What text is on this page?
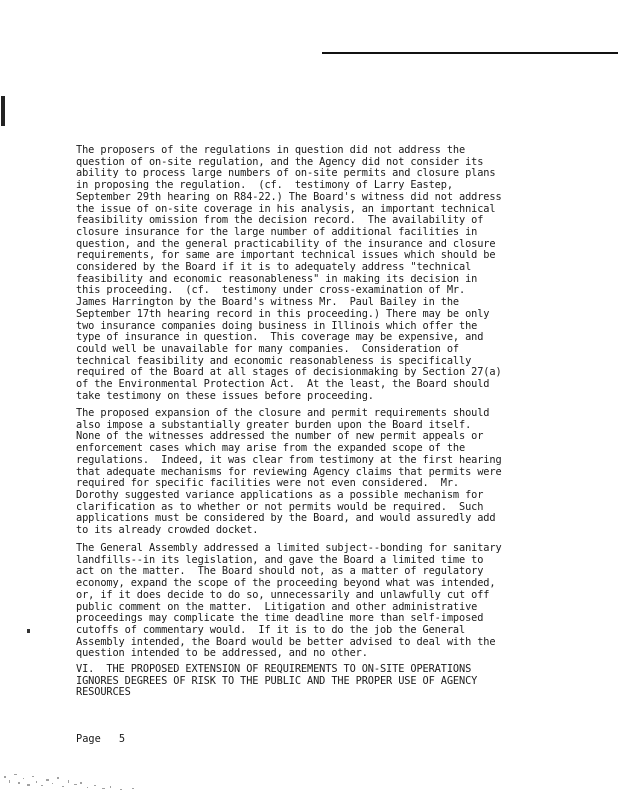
The proposers of the regulations in question did not address the
question of on-site regulation, and the Agency did not consider its
ability to process large numbers of on-site permits and closure plans
in proposing the regulation.  (cf.  testimony of Larry Eastep,
September 29th hearing on R84-22.) The Board's witness did not address
the issue of on-site coverage in his analysis, an important technical
feasibility omission from the decision record.  The availability of
closure insurance for the large number of additional facilities in
question, and the general practicability of the insurance and closure
requirements, for same are important technical issues which should be
considered by the Board if it is to adequately address "technical
feasibility and economic reasonableness" in making its decision in
this proceeding.  (cf.  testimony under cross-examination of Mr.
James Harrington by the Board's witness Mr.  Paul Bailey in the
September 17th hearing record in this proceeding.) There may be only
two insurance companies doing business in Illinois which offer the
type of insurance in question.  This coverage may be expensive, and
could well be unavailable for many companies.  Consideration of
technical feasibility and economic reasonableness is specifically
required of the Board at all stages of decisionmaking by Section 27(a)
of the Environmental Protection Act.  At the least, the Board should
take testimony on these issues before proceeding.
The proposed expansion of the closure and permit requirements should
also impose a substantially greater burden upon the Board itself.
None of the witnesses addressed the number of new permit appeals or
enforcement cases which may arise from the expanded scope of the
regulations.  Indeed, it was clear from testimony at the first hearing
that adequate mechanisms for reviewing Agency claims that permits were
required for specific facilities were not even considered.  Mr.
Dorothy suggested variance applications as a possible mechanism for
clarification as to whether or not permits would be required.  Such
applications must be considered by the Board, and would assuredly add
to its already crowded docket.
The General Assembly addressed a limited subject--bonding for sanitary
landfills--in its legislation, and gave the Board a limited time to
act on the matter.  The Board should not, as a matter of regulatory
economy, expand the scope of the proceeding beyond what was intended,
or, if it does decide to do so, unnecessarily and unlawfully cut off
public comment on the matter.  Litigation and other administrative
proceedings may complicate the time deadline more than self-imposed
cutoffs of commentary would.  If it is to do the job the General
Assembly intended, the Board would be better advised to deal with the
question intended to be addressed, and no other.
VI.  THE PROPOSED EXTENSION OF REQUIREMENTS TO ON-SITE OPERATIONS
IGNORES DEGREES OF RISK TO THE PUBLIC AND THE PROPER USE OF AGENCY
RESOURCES
Page 5
